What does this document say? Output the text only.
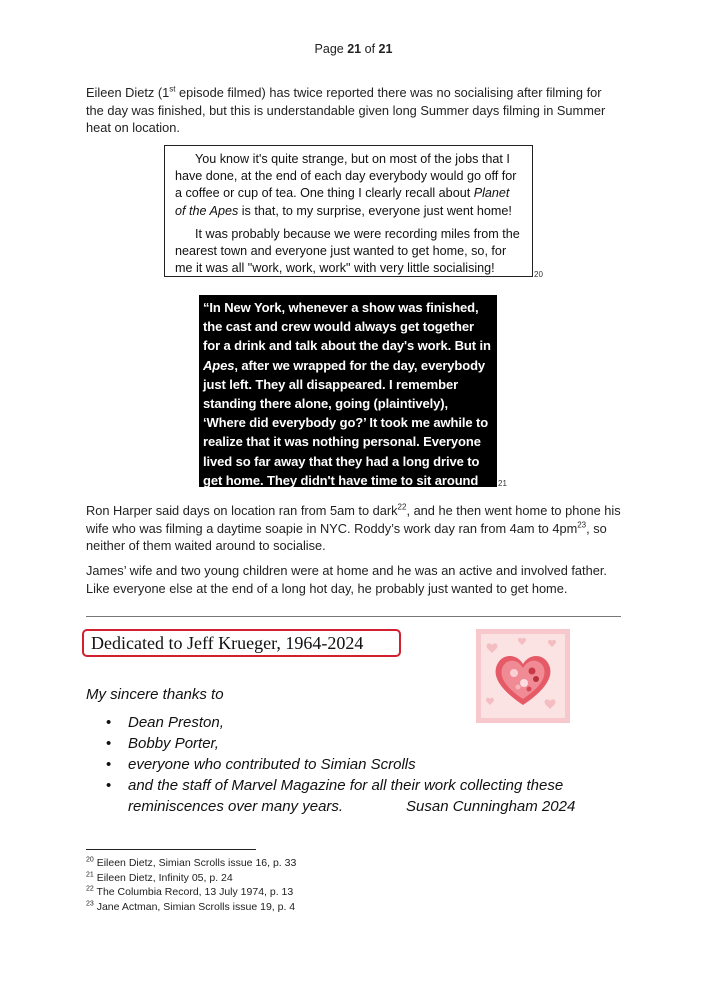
Page 21 of 21
Eileen Dietz (1st episode filmed) has twice reported there was no socialising after filming for the day was finished, but this is understandable given long Summer days filming in Summer heat on location.

You know it's quite strange, but on most of the jobs that I have done, at the end of each day everybody would go off for a coffee or cup of tea. One thing I clearly recall about Planet of the Apes is that, to my surprise, everyone just went home!

It was probably because we were recording miles from the nearest town and everyone just wanted to get home, so, for me it was all "work, work, work" with very little socialising!	20
“In New York, whenever a show was finished, the cast and crew would always get together for a drink and talk about the day's work. But in Apes, after we wrapped for the day, everybody just left. They all disappeared. I remember standing there alone, going (plaintively), ‘Where did everybody go?’ It took me awhile to realize that it was nothing personal. Everyone lived so far away that they had a long drive to get home. They didn't have time to sit around and chat.”
21
Ron Harper said days on location ran from 5am to dark$^{22}$, and he then went home to phone his wife who was filming a daytime soapie in NYC. Roddy’s work day ran from 4am to $4pm^{23}$, so neither of them waited around to socialise.
James’ wife and two young children were at home and he was an active and involved father. Like everyone else at the end of a long hot day, he probably just wanted to get home.
Dedicated to Jeff Krueger, 1964-2024
My sincere thanks to
• Dean Preston,
• Bobby Porter,
• everyone who contributed to Simian Scrolls
• and the staff of Marvel Magazine for all their work collecting these
reminiscences over many years.	Susan Cunningham 2024
$^{20}$ Eileen Dietz, Simian Scrolls issue 16, p. 33
$^{21}$ Eileen Dietz, Infinity 05, p. 24
$^{22}$ The Columbia Record, 13 July 1974, p. 13
$^{23}$ Jane Actman, Simian Scrolls issue 19, p. 4
